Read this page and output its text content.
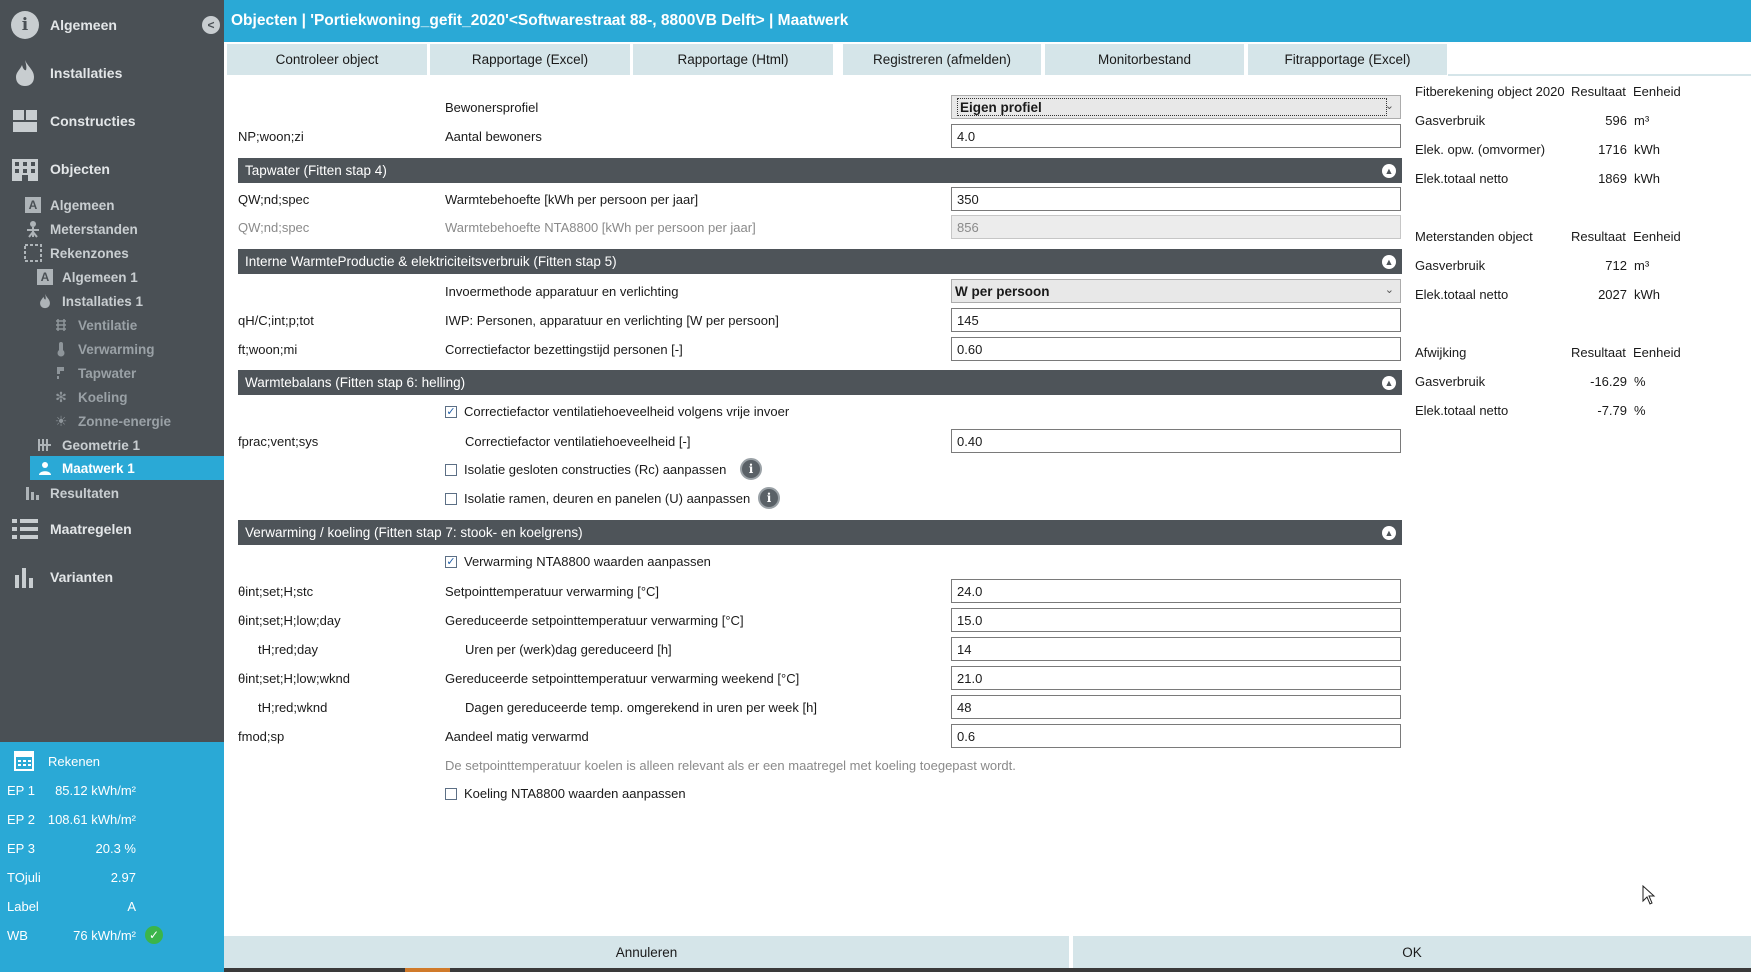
<
i	Algemeen
Installaties
Constructies
Objecten
A Algemeen
Meterstanden
Rekenzones
A Algemeen 1
Installaties 1
Ventilatie
Verwarming
Tapwater
✻ Koeling
☀ Zonne-energie
Geometrie 1
Maatwerk 1
Resultaten
Maatregelen
Varianten
Rekenen
EP 1 85.12 kWh/m²
EP 2 108.61 kWh/m²
EP 3	20.3 %
TOjuli	2.97
Label	A
WB	76 kWh/m²	✓
Objecten | 'Portiekwoning_gefit_2020'<Softwarestraat 88-, 8800VB Delft> | Maatwerk
Controleer object	Rapportage (Excel)	Rapportage (Html)	Registreren (afmelden)	Monitorbestand	Fitrapportage (Excel)
Bewonersprofiel	Eigen profiel	⌄
NP;woon;zi	Aantal bewoners	4.0
Tapwater (Fitten stap 4)	▲
QW;nd;spec	Warmtebehoefte [kWh per persoon per jaar]	350
QW;nd;spec	Warmtebehoefte NTA8800 [kWh per persoon per jaar]	856
Interne WarmteProductie & elektriciteitsverbruik (Fitten stap 5)	▲
Invoermethode apparatuur en verlichting	W per persoon	⌄
qH/C;int;p;tot	IWP: Personen, apparatuur en verlichting [W per persoon]	145
ft;woon;mi	Correctiefactor bezettingstijd personen [-]	0.60
Warmtebalans (Fitten stap 6: helling)	▲
✓ Correctiefactor ventilatiehoeveelheid volgens vrije invoer
fprac;vent;sys	Correctiefactor ventilatiehoeveelheid [-]	0.40
Isolatie gesloten constructies (Rc) aanpassen	i
Isolatie ramen, deuren en panelen (U) aanpassen	i
Verwarming / koeling (Fitten stap 7: stook- en koelgrens)	▲
✓ Verwarming NTA8800 waarden aanpassen
θint;set;H;stc	Setpointtemperatuur verwarming [°C]	24.0
θint;set;H;low;day	Gereduceerde setpointtemperatuur verwarming [°C]	15.0
tH;red;day	Uren per (werk)dag gereduceerd [h]	14
θint;set;H;low;wknd	Gereduceerde setpointtemperatuur verwarming weekend [°C]	21.0
tH;red;wknd	Dagen gereduceerde temp. omgerekend in uren per week [h]	48
fmod;sp	Aandeel matig verwarmd	0.6
De setpointtemperatuur koelen is alleen relevant als er een maatregel met koeling toegepast wordt.
Koeling NTA8800 waarden aanpassen
Fitberekening object 2020 Resultaat Eenheid
Gasverbruik	596 m³
Elek. opw. (omvormer)	1716 kWh
Elek.totaal netto	1869 kWh
Meterstanden object	Resultaat Eenheid
Gasverbruik	712 m³
Elek.totaal netto	2027 kWh
Afwijking	Resultaat Eenheid
Gasverbruik	-16.29 %
Elek.totaal netto	-7.79 %
Annuleren	OK
